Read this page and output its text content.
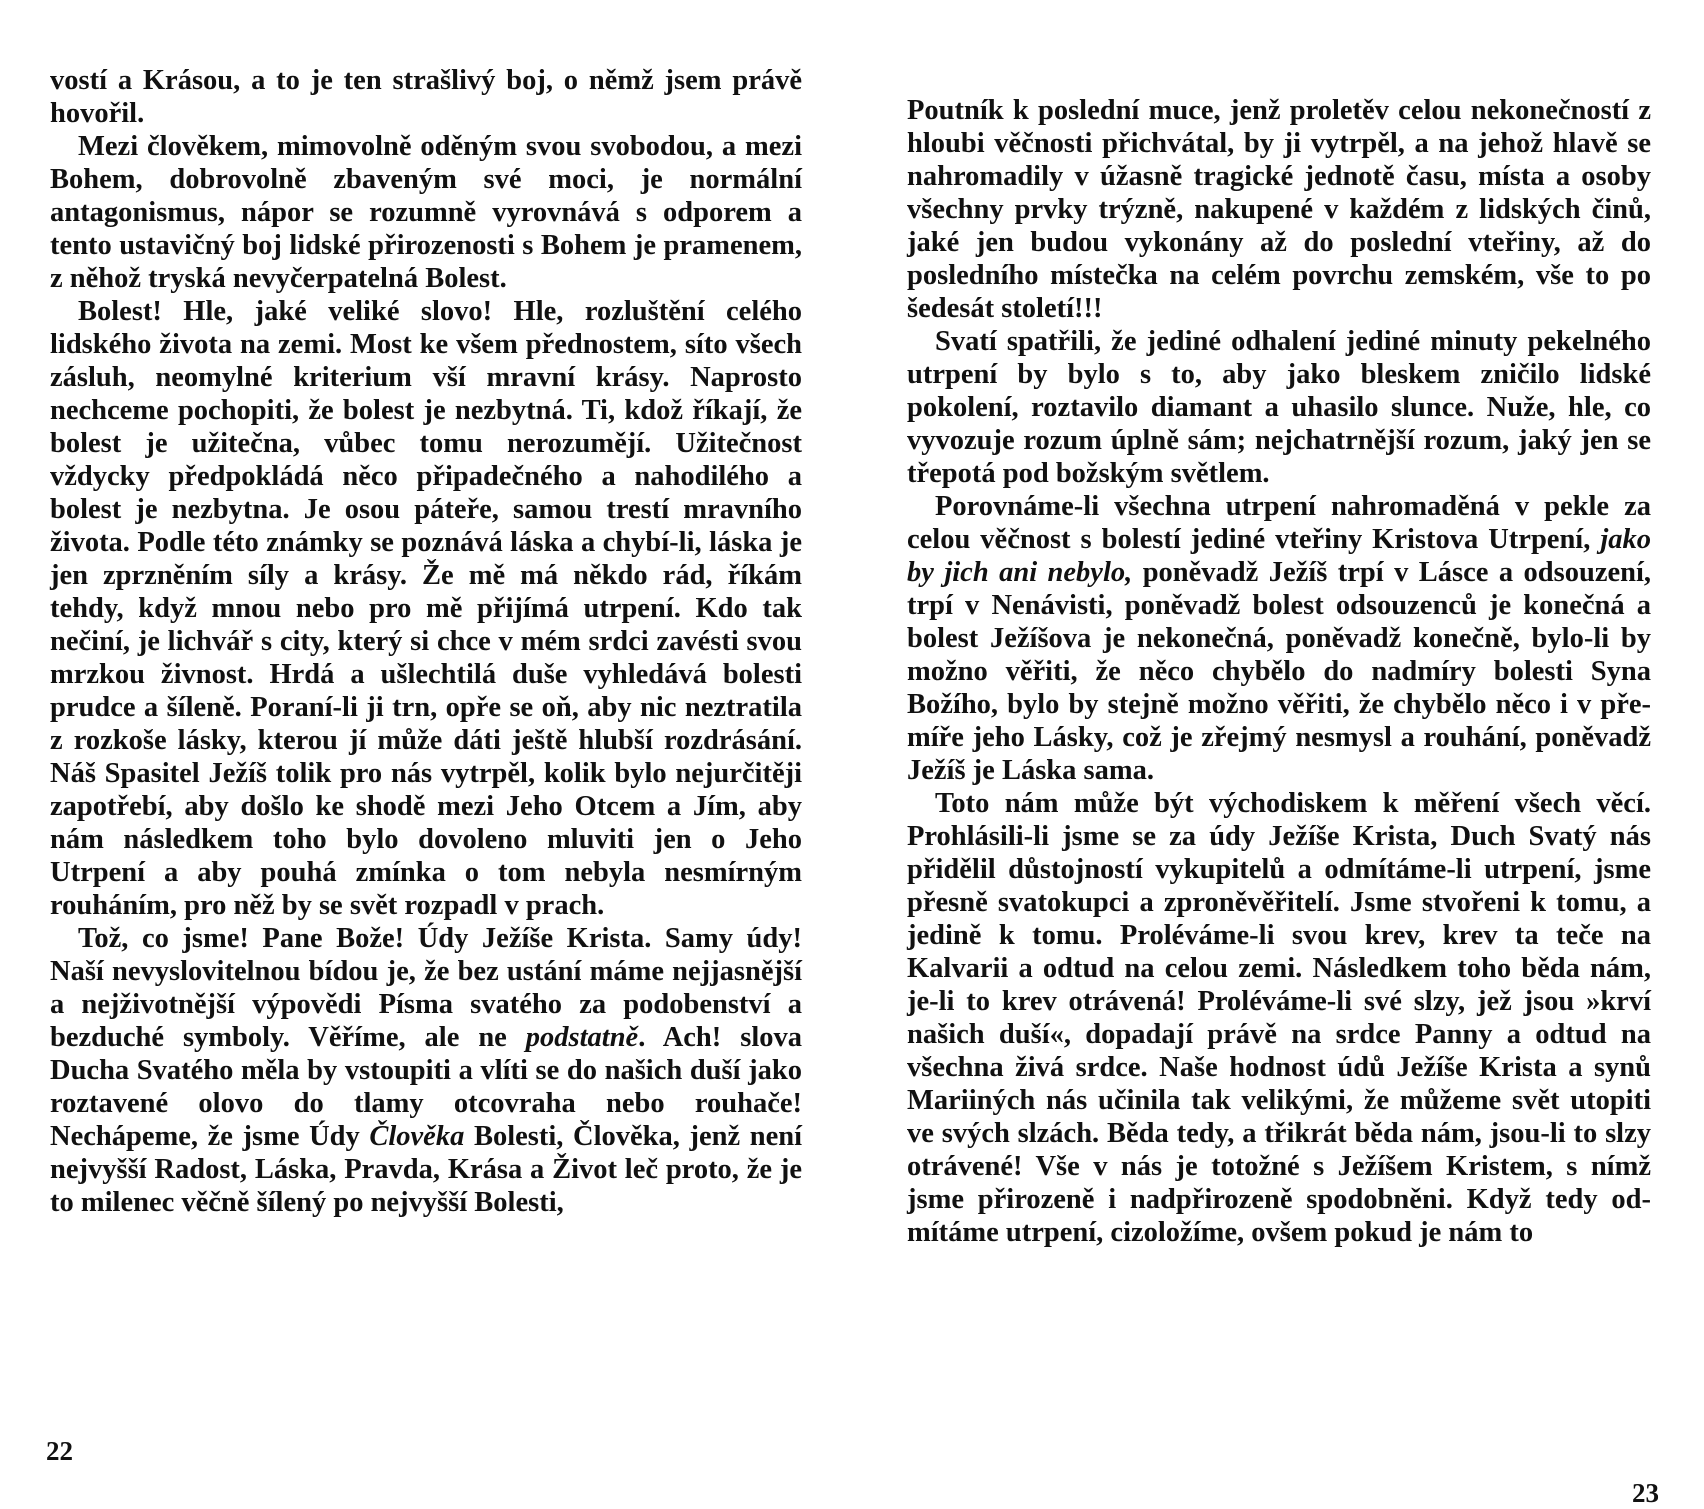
vostí a Krásou, a to je ten strašlivý boj, o němž jsem právě hovořil.

Mezi člověkem, mimovolně oděným svou svobodou, a mezi Bohem, dobrovolně zbaveným své moci, je normální antagonismus, nápor se rozumně vyrovnává s odporem a tento ustavičný boj lidské přirozenosti s Bohem je pramenem, z něhož tryská nevyčerpatelná Bolest.

Bolest! Hle, jaké veliké slovo! Hle, rozluštění celého lidského života na zemi. Most ke všem přednostem, síto všech zásluh, neomylné kriterium vší mravní krásy. Naprosto nechceme pochopiti, že bolest je nezbytná. Ti, kdož říkají, že bolest je užitečna, vůbec tomu nerozumějí. Užitečnost vždycky předpokládá něco připadečného a nahodilého a bolest je nezbytna. Je osou páteře, samou trestí mravního života. Podle této známky se poznává láska a chybí-li, láska je jen zprzněním síly a krásy. Že mě má někdo rád, říkám tehdy, když mnou nebo pro mě přijímá utrpení. Kdo tak nečiní, je lichvář s city, který si chce v mém srdci zavésti svou mrzkou živnost. Hrdá a ušlechtilá duše vyhledává bolesti prudce a šíleně. Poraní-li ji trn, opře se oň, aby nic neztratila z rozkoše lásky, kterou jí může dáti ještě hlubší rozdrásání. Náš Spasitel Ježíš tolik pro nás vytrpěl, kolik bylo nejurčitěji zapotřebí, aby došlo ke shodě mezi Jeho Otcem a Jím, aby nám následkem toho bylo dovoleno mluviti jen o Jeho Utrpení a aby pouhá zmínka o tom nebyla nesmírným rouháním, pro něž by se svět rozpadl v prach.

Tož, co jsme! Pane Bože! Údy Ježíše Krista. Samy údy! Naší nevyslovitelnou bídou je, že bez ustání máme nejjasnější a nejživotnější výpovědi Písma svatého za podobenství a bezduché symboly. Věříme, ale ne podstatně. Ach! slova Ducha Svatého měla by vstoupiti a vlíti se do našich duší jako roztavené olovo do tlamy otcovraha nebo rouhače! Nechápeme, že jsme Údy Člověka Bolesti, Člověka, jenž není nejvyšší Radost, Láska, Pravda, Krása a Život leč proto, že je to milenec věčně šílený po nejvyšší Bolesti,

22

Poutník k poslední muce, jenž proletěv celou nekonečností z hloubi věčnosti přichvátal, by ji vytrpěl, a na jehož hlavě se nahromadily v úžasně tragické jednotě času, místa a osoby všechny prvky trýzně, nakupené v každém z lidských činů, jaké jen budou vykonány až do poslední vteřiny, až do posledního místečka na celém povrchu zemském, vše to po šedesát století!!!

Svatí spatřili, že jediné odhalení jediné minuty pekelného utrpení by bylo s to, aby jako bleskem zničilo lidské pokolení, roztavilo diamant a uhasilo slunce. Nuže, hle, co vyvozuje rozum úplně sám; nejchatrnější rozum, jaký jen se třepotá pod božským světlem.

Porovnáme-li všechna utrpení nahromaděná v pekle za celou věčnost s bolestí jediné vteřiny Kristova Utrpení, jako by jich ani nebylo, poněvadž Ježíš trpí v Lásce a odsouzení, trpí v Nenávisti, poněvadž bolest odsouzenců je konečná a bolest Ježíšova je nekonečná, poněvadž konečně, bylo-li by možno věřiti, že něco chybělo do nadmíry bolesti Syna Božího, bylo by stejně možno věřiti, že chybělo něco i v přemíře jeho Lásky, což je zřejmý nesmysl a rouhání, poněvadž Ježíš je Láska sama.

Toto nám může být východiskem k měření všech věcí. Prohlásili-li jsme se za údy Ježíše Krista, Duch Svatý nás přidělil důstojností vykupitelů a odmítáme-li utrpení, jsme přesně svatokupci a zproněvěřitelí. Jsme stvořeni k tomu, a jedině k tomu. Proléváme-li svou krev, krev ta teče na Kalvarii a odtud na celou zemi. Následkem toho běda nám, je-li to krev otrávená! Proléváme-li své slzy, jež jsou »krví našich duší«, dopadají právě na srdce Panny a odtud na všechna živá srdce. Naše hodnost údů Ježíše Krista a synů Mariiných nás učinila tak velikými, že můžeme svět utopiti ve svých slzách. Běda tedy, a třikrát běda nám, jsou-li to slzy otrávené! Vše v nás je totožné s Ježíšem Kristem, s nímž jsme přirozeně i nadpřirozeně spodobněni. Když tedy odmítáme utrpení, cizoložíme, ovšem pokud je nám to

23
